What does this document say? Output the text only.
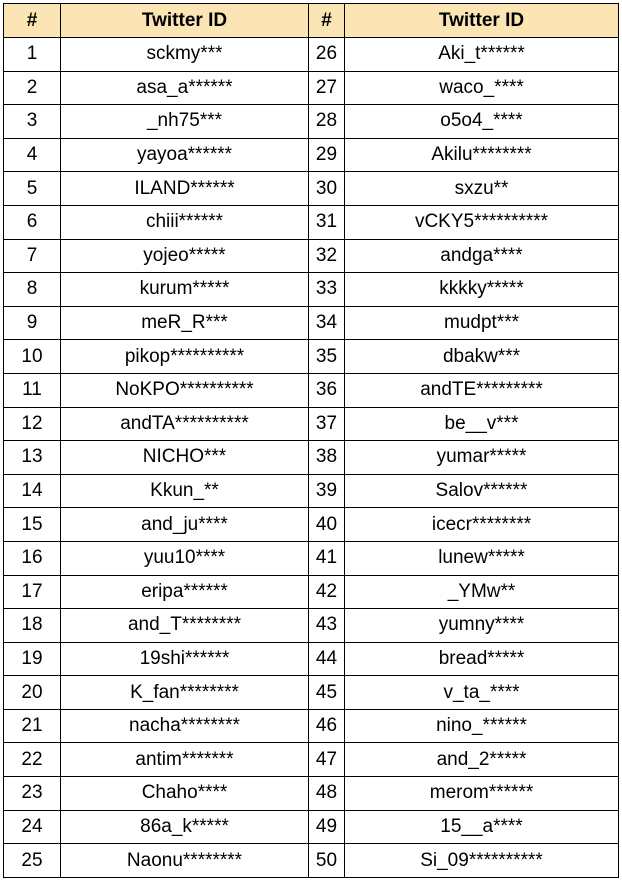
#	Twitter ID	#	Twitter ID
1	sckmy***	26	Aki_t******
2	asa_a******	27	waco_****
3	_nh75***	28	o5o4_****
4	yayoa******	29	Akilu********
5	ILAND******	30	sxzu**
6	chiii******	31	vCKY5**********
7	yojeo*****	32	andga****
8	kurum*****	33	kkkky*****
9	meR_R***	34	mudpt***
10	pikop**********	35	dbakw***
11	NoKPO**********	36	andTE*********
12	andTA**********	37	be__v***
13	NICHO***	38	yumar*****
14	Kkun_**	39	Salov******
15	and_ju****	40	icecr********
16	yuu10****	41	lunew*****
17	eripa******	42	_YMw**
18	and_T********	43	yumny****
19	19shi******	44	bread*****
20	K_fan********	45	v_ta_****
21	nacha********	46	nino_******
22	antim*******	47	and_2*****
23	Chaho****	48	merom******
24	86a_k*****	49	15__a****
25	Naonu********	50	Si_09**********
